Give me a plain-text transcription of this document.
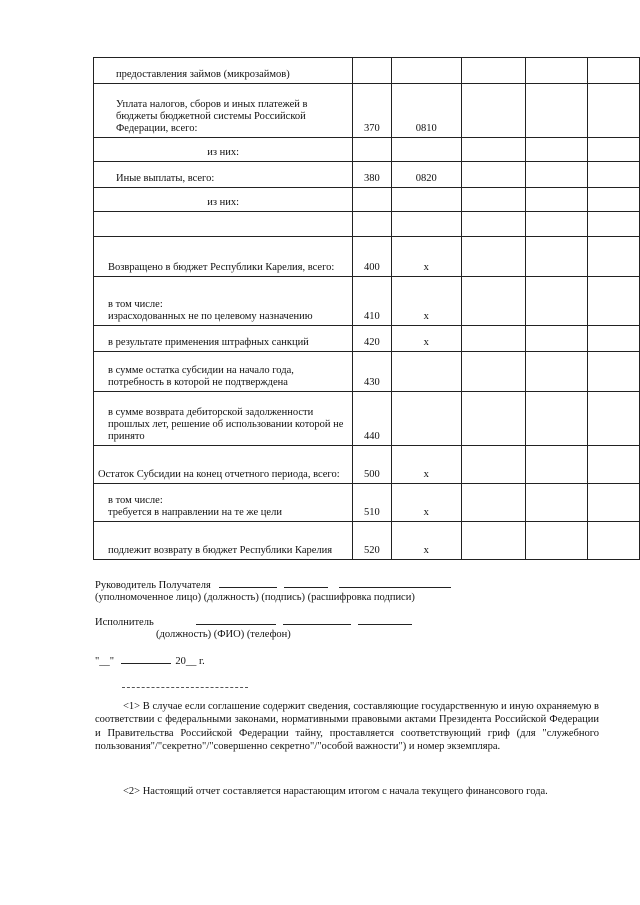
предоставления займов (микрозаймов)					
Уплата налогов, сборов и иных платежей в бюджеты бюджетной системы Российской Федерации, всего:	370	0810			
из них:					
Иные выплаты, всего:	380	0820			
из них:					

Возвращено в бюджет Республики Карелия, всего:	400	х			
в том числе:
израсходованных не по целевому назначению	410	х			
в результате применения штрафных санкций	420	х			
в сумме остатка субсидии на начало года, потребность в которой не подтверждена	430				
в сумме возврата дебиторской задолженности прошлых лет, решение об использовании которой не принято	440				
Остаток Субсидии на конец отчетного периода, всего:	500	х			
в том числе:
требуется в направлении на те же цели	510	х			
подлежит возврату в бюджет Республики Карелия	520	х			
Руководитель Получателя
(уполномоченное лицо) (должность) (подпись) (расшифровка подписи)
Исполнитель
(должность) (ФИО) (телефон)
"__"	20__ г.

<1> В случае если соглашение содержит сведения, составляющие государственную и иную охраняемую в соответствии с федеральными законами, нормативными правовыми актами Президента Российской Федерации и Правительства Российской Федерации тайну, проставляется соответствующий гриф (для "служебного пользования"/"секретно"/"совершенно секретно"/"особой важности") и номер экземпляра.

<2> Настоящий отчет составляется нарастающим итогом с начала текущего финансового года.
